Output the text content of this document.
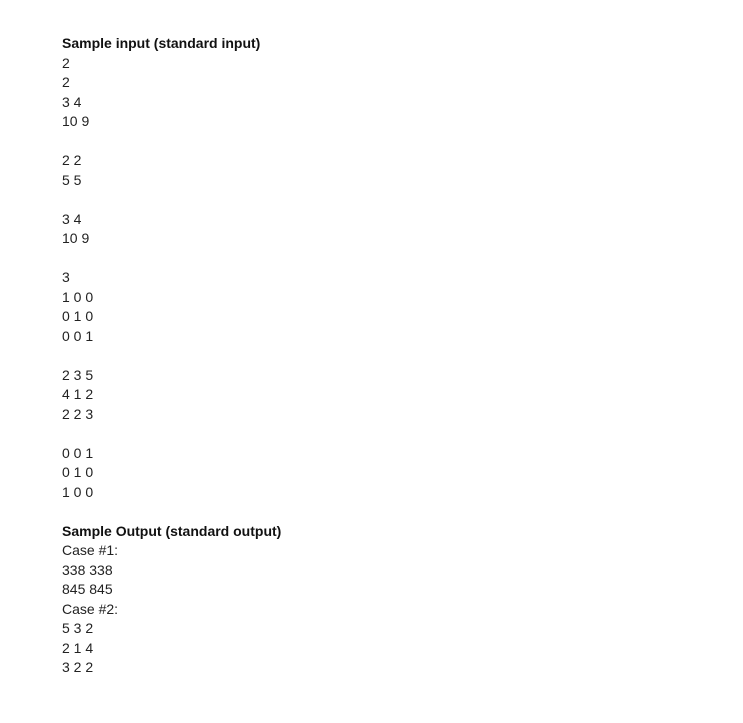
Sample input (standard input)

2
2
3 4
10 9
2 2
5 5
3 4
10 9
3
1 0 0
0 1 0
0 0 1
2 3 5
4 1 2
2 2 3
0 0 1
0 1 0
1 0 0

Sample Output (standard output)

Case #1:
338 338
845 845
Case #2:
5 3 2
2 1 4
3 2 2
